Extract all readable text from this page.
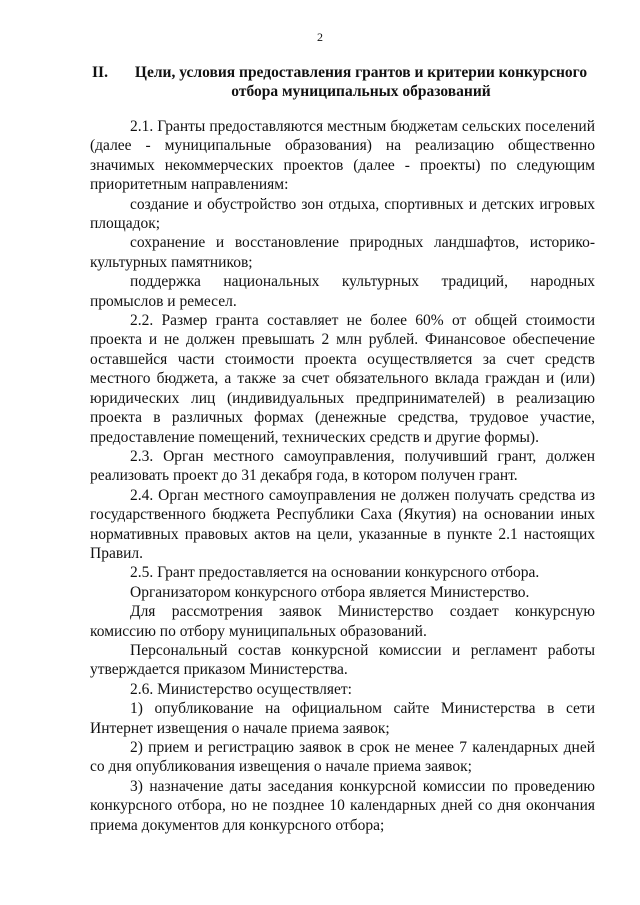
2
II.	Цели, условия предоставления грантов и критерии конкурсного отбора муниципальных образований

2.1. Гранты предоставляются местным бюджетам сельских поселений (далее - муниципальные образования) на реализацию общественно значимых некоммерческих проектов (далее - проекты) по следующим приоритетным направлениям:

создание и обустройство зон отдыха, спортивных и детских игровых площадок;

сохранение и восстановление природных ландшафтов, историко-культурных памятников;

поддержка национальных культурных традиций, народных промыслов и ремесел.

2.2. Размер гранта составляет не более 60% от общей стоимости проекта и не должен превышать 2 млн рублей. Финансовое обеспечение оставшейся части стоимости проекта осуществляется за счет средств местного бюджета, а также за счет обязательного вклада граждан и (или) юридических лиц (индивидуальных предпринимателей) в реализацию проекта в различных формах (денежные средства, трудовое участие, предоставление помещений, технических средств и другие формы).

2.3. Орган местного самоуправления, получивший грант, должен реализовать проект до 31 декабря года, в котором получен грант.

2.4. Орган местного самоуправления не должен получать средства из государственного бюджета Республики Саха (Якутия) на основании иных нормативных правовых актов на цели, указанные в пункте 2.1 настоящих Правил.

2.5. Грант предоставляется на основании конкурсного отбора.

Организатором конкурсного отбора является Министерство.

Для рассмотрения заявок Министерство создает конкурсную комиссию по отбору муниципальных образований.

Персональный состав конкурсной комиссии и регламент работы утверждается приказом Министерства.

2.6. Министерство осуществляет:

1) опубликование на официальном сайте Министерства в сети Интернет извещения о начале приема заявок;

2) прием и регистрацию заявок в срок не менее 7 календарных дней со дня опубликования извещения о начале приема заявок;

3) назначение даты заседания конкурсной комиссии по проведению конкурсного отбора, но не позднее 10 календарных дней со дня окончания приема документов для конкурсного отбора;
